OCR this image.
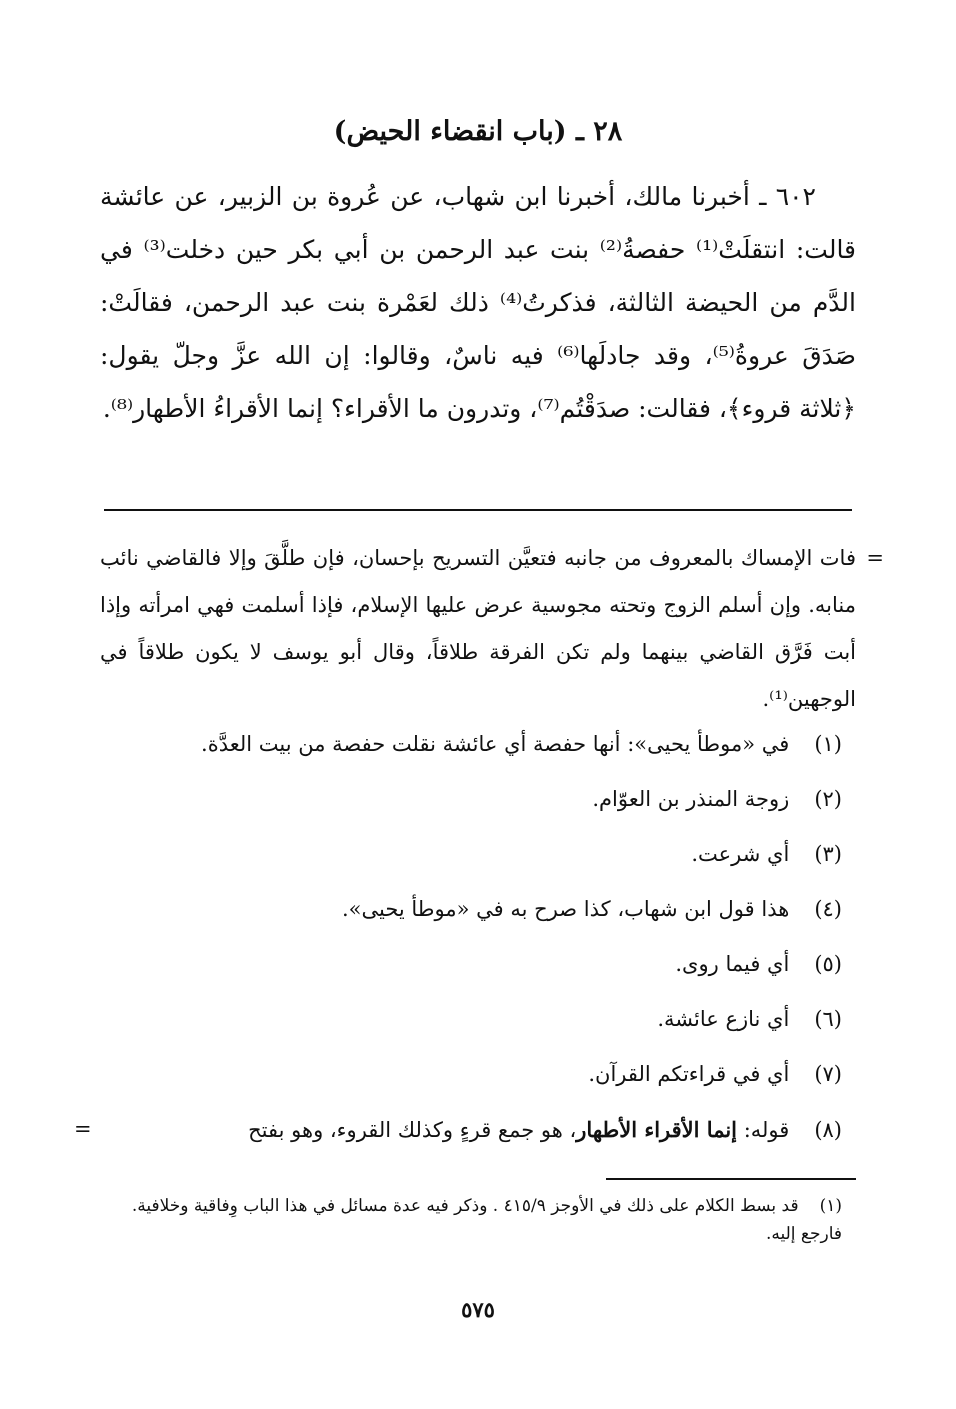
٢٨ ـ (باب انقضاء الحيض)

٦٠٢ ـ أخبرنا مالك، أخبرنا ابن شهاب، عن عُروة بن الزبير، عن عائشة قالت: انتقلَتْ⁽¹⁾ حفصةُ⁽²⁾ بنت عبد الرحمن بن أبي بكر حين دخلت⁽³⁾ في الدَّم من الحيضة الثالثة، فذكرتُ⁽⁴⁾ ذلك لعَمْرة بنت عبد الرحمن، فقالَتْ: صَدَقَ عروةُ⁽⁵⁾، وقد جادلَها⁽⁶⁾ فيه ناسٌ، وقالوا: إن الله عزَّ وجلّ يقول: ﴿ثلاثة قروء﴾، فقالت: صدَقْتُم⁽⁷⁾، وتدرون ما الأقراء؟ إنما الأقراءُ الأطهار⁽⁸⁾.

=
فات الإمساك بالمعروف من جانبه فتعيَّن التسريح بإحسان، فإن طلَّقَ وإلا فالقاضي نائب منابه. وإن أسلم الزوج وتحته مجوسية عرض عليها الإسلام، فإذا أسلمت فهي امرأته وإذا أبت فَرَّق القاضي بينهما ولم تكن الفرقة طلاقاً، وقال أبو يوسف لا يكون طلاقاً في الوجهين⁽¹⁾.
(١) في «موطأ يحيى»: أنها حفصة أي عائشة نقلت حفصة من بيت العدَّة.
(٢) زوجة المنذر بن العوّام.
(٣) أي شرعت.
(٤) هذا قول ابن شهاب، كذا صرح به في «موطأ يحيى».
(٥) أي فيما روى.
(٦) أي نازع عائشة.
(٧) أي في قراءتكم القرآن.
(٨) قوله: إنما الأقراء الأطهار، هو جمع قرءٍ وكذلك القروء، وهو بفتح
=
(١) قد بسط الكلام على ذلك في الأوجز ٤١٥/٩ . وذكر فيه عدة مسائل في هذا الباب وِفاقية وخلافية. فارجع إليه.
٥٧٥
